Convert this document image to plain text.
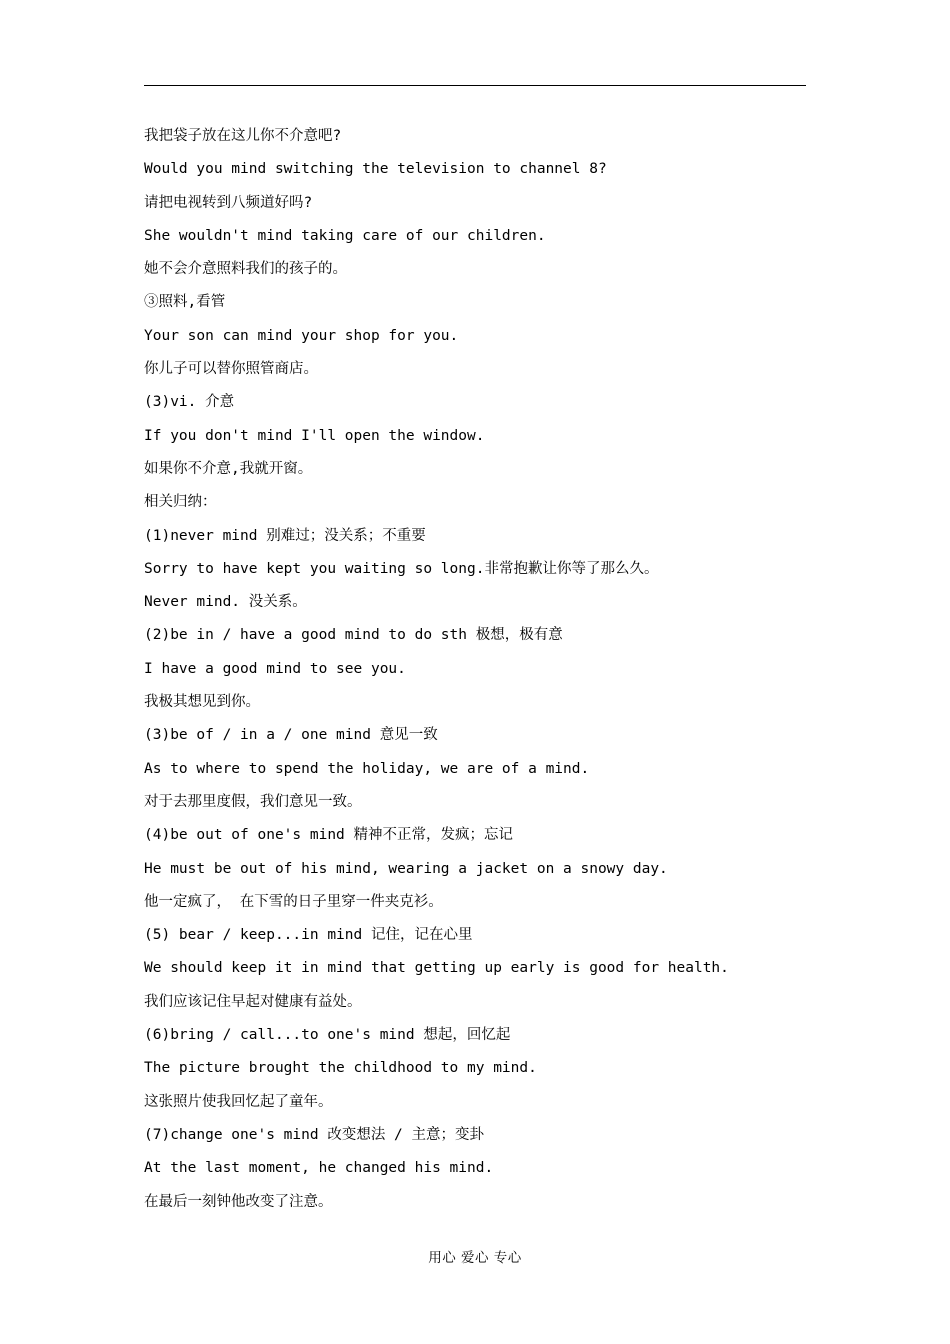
我把袋子放在这儿你不介意吧?
Would you mind switching the television to channel 8?
请把电视转到八频道好吗?
She wouldn't mind taking care of our children.
她不会介意照料我们的孩子的。
③照料,看管
Your son can mind your shop for you.
你儿子可以替你照管商店。
(3)vi. 介意
If you don't mind I'll open the window.
如果你不介意,我就开窗。
相关归纳：
(1)never mind 别难过；没关系；不重要
Sorry to have kept you waiting so long.非常抱歉让你等了那么久。
Never mind. 没关系。
(2)be in / have a good mind to do sth 极想，极有意
I have a good mind to see you.
我极其想见到你。
(3)be of / in a / one mind 意见一致
As to where to spend the holiday, we are of a mind.
对于去那里度假，我们意见一致。
(4)be out of one's mind 精神不正常，发疯；忘记
He must be out of his mind, wearing a jacket on a snowy day.
他一定疯了， 在下雪的日子里穿一件夹克衫。
(5) bear / keep...in mind 记住，记在心里
We should keep it in mind that getting up early is good for health.
我们应该记住早起对健康有益处。
(6)bring / call...to one's mind 想起，回忆起
The picture brought the childhood to my mind.
这张照片使我回忆起了童年。
(7)change one's mind 改变想法 / 主意；变卦
At the last moment, he changed his mind.
在最后一刻钟他改变了注意。
用心 爱心 专心
